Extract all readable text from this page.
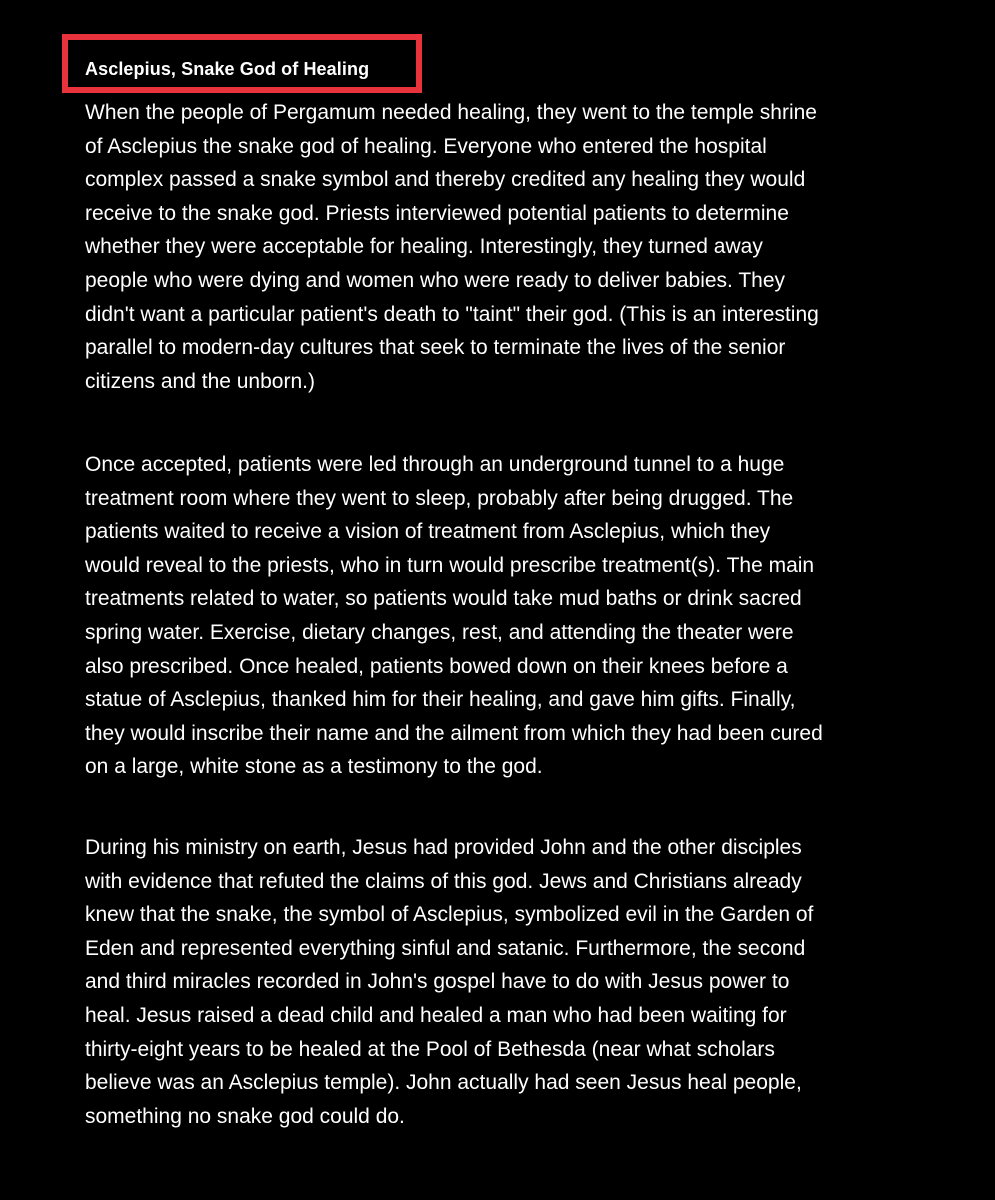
Asclepius, Snake God of Healing

When the people of Pergamum needed healing, they went to the temple shrine of Asclepius the snake god of healing. Everyone who entered the hospital complex passed a snake symbol and thereby credited any healing they would receive to the snake god. Priests interviewed potential patients to determine whether they were acceptable for healing. Interestingly, they turned away people who were dying and women who were ready to deliver babies. They didn't want a particular patient's death to "taint" their god. (This is an interesting parallel to modern-day cultures that seek to terminate the lives of the senior citizens and the unborn.)

Once accepted, patients were led through an underground tunnel to a huge treatment room where they went to sleep, probably after being drugged. The patients waited to receive a vision of treatment from Asclepius, which they would reveal to the priests, who in turn would prescribe treatment(s). The main treatments related to water, so patients would take mud baths or drink sacred spring water. Exercise, dietary changes, rest, and attending the theater were also prescribed. Once healed, patients bowed down on their knees before a statue of Asclepius, thanked him for their healing, and gave him gifts. Finally, they would inscribe their name and the ailment from which they had been cured on a large, white stone as a testimony to the god.

During his ministry on earth, Jesus had provided John and the other disciples with evidence that refuted the claims of this god. Jews and Christians already knew that the snake, the symbol of Asclepius, symbolized evil in the Garden of Eden and represented everything sinful and satanic. Furthermore, the second and third miracles recorded in John's gospel have to do with Jesus power to heal. Jesus raised a dead child and healed a man who had been waiting for thirty-eight years to be healed at the Pool of Bethesda (near what scholars believe was an Asclepius temple). John actually had seen Jesus heal people, something no snake god could do.
